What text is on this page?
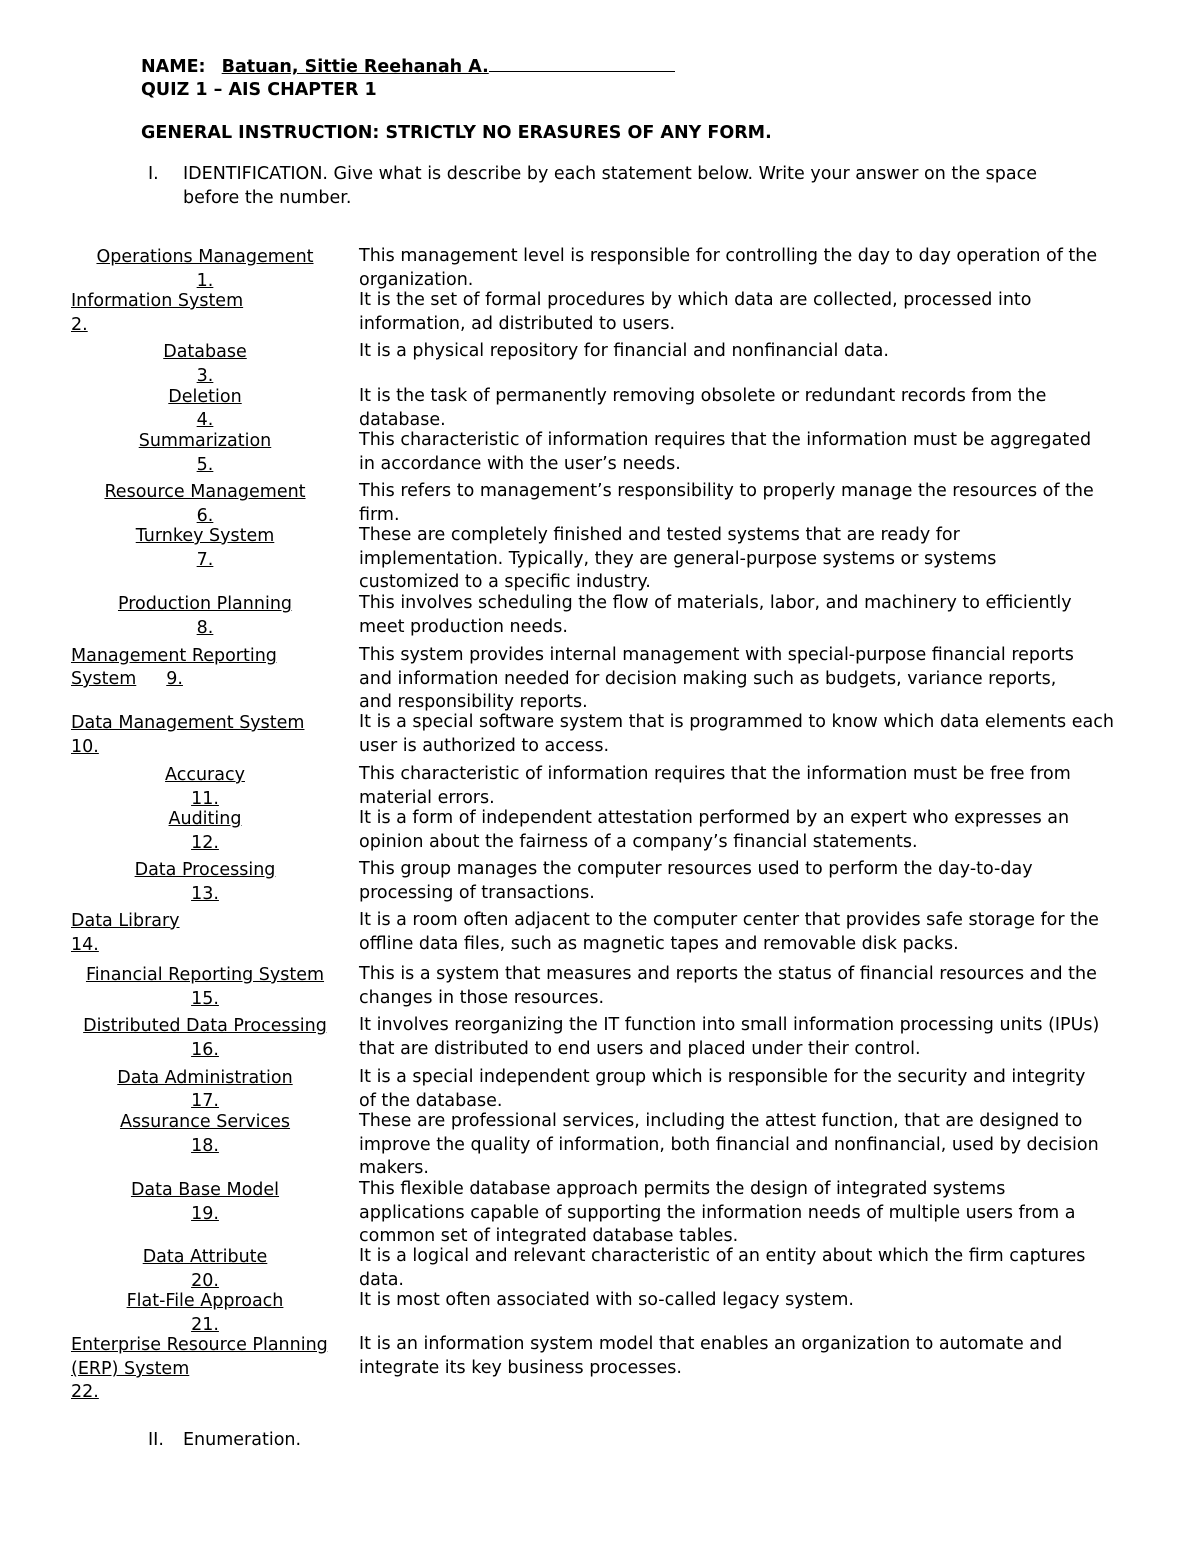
NAME: Batuan, Sittie Reehanah A.
QUIZ 1 – AIS CHAPTER 1
GENERAL INSTRUCTION: STRICTLY NO ERASURES OF ANY FORM.
I. IDENTIFICATION. Give what is describe by each statement below. Write your answer on the space
before the number.
Operations Management
1.
This management level is responsible for controlling the day to day operation of the organization.
Information System
2.
It is the set of formal procedures by which data are collected, processed into information, ad distributed to users.
Database
3.
It is a physical repository for financial and nonfinancial data.
Deletion
4.
It is the task of permanently removing obsolete or redundant records from the database.
Summarization
5.
This characteristic of information requires that the information must be aggregated in accordance with the user’s needs.
Resource Management
6.
This refers to management’s responsibility to properly manage the resources of the firm.
Turnkey System
7.
These are completely finished and tested systems that are ready for implementation. Typically, they are general-purpose systems or systems customized to a specific industry.
Production Planning
8.
This involves scheduling the flow of materials, labor, and machinery to efficiently meet production needs.
Management Reporting
System 9.
This system provides internal management with special-purpose financial reports and information needed for decision making such as budgets, variance reports, and responsibility reports.
Data Management System
10.
It is a special software system that is programmed to know which data elements each user is authorized to access.
Accuracy
11.
This characteristic of information requires that the information must be free from material errors.
Auditing
12.
It is a form of independent attestation performed by an expert who expresses an opinion about the fairness of a company’s financial statements.
Data Processing
13.
This group manages the computer resources used to perform the day-to-day processing of transactions.
Data Library
14.
It is a room often adjacent to the computer center that provides safe storage for the offline data files, such as magnetic tapes and removable disk packs.
Financial Reporting System
15.
This is a system that measures and reports the status of financial resources and the changes in those resources.
Distributed Data Processing
16.
It involves reorganizing the IT function into small information processing units (IPUs) that are distributed to end users and placed under their control.
Data Administration
17.
It is a special independent group which is responsible for the security and integrity of the database.
Assurance Services
18.
These are professional services, including the attest function, that are designed to improve the quality of information, both financial and nonfinancial, used by decision makers.
Data Base Model
19.
This flexible database approach permits the design of integrated systems applications capable of supporting the information needs of multiple users from a common set of integrated database tables.
Data Attribute
20.
It is a logical and relevant characteristic of an entity about which the firm captures data.
Flat-File Approach
21.
It is most often associated with so-called legacy system.
Enterprise Resource Planning
(ERP) System
22.
It is an information system model that enables an organization to automate and integrate its key business processes.
II. Enumeration.
